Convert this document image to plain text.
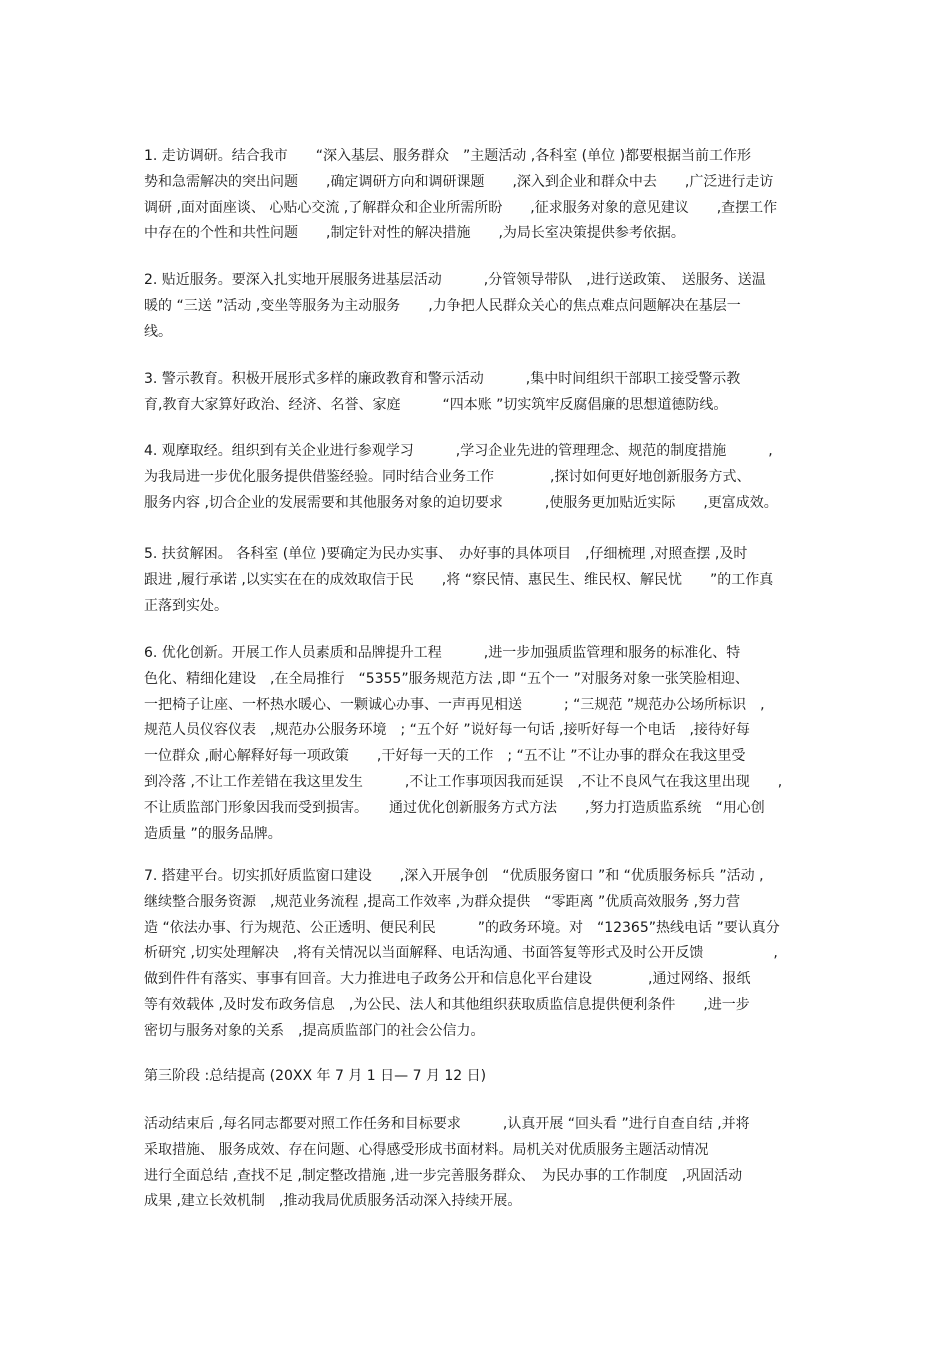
1. 走访调研。结合我市　　“深入基层、服务群众　”主题活动 ,各科室 (单位 )都要根据当前工作形
势和急需解决的突出问题　　,确定调研方向和调研课题　　,深入到企业和群众中去　　,广泛进行走访
调研 ,面对面座谈、 心贴心交流 ,了解群众和企业所需所盼　　,征求服务对象的意见建议　　,查摆工作
中存在的个性和共性问题　　,制定针对性的解决措施　　,为局长室决策提供参考依据。
2. 贴近服务。要深入扎实地开展服务进基层活动　　　,分管领导带队　,进行送政策、　送服务、送温
暖的 “三送 ”活动 ,变坐等服务为主动服务　　,力争把人民群众关心的焦点难点问题解决在基层一
线。
3. 警示教育。积极开展形式多样的廉政教育和警示活动　　　,集中时间组织干部职工接受警示教
育,教育大家算好政治、经济、名誉、家庭　　　“四本账 ”切实筑牢反腐倡廉的思想道德防线。
4. 观摩取经。组织到有关企业进行参观学习　　　,学习企业先进的管理理念、规范的制度措施　　　,
为我局进一步优化服务提供借鉴经验。同时结合业务工作　　　　,探讨如何更好地创新服务方式、
服务内容 ,切合企业的发展需要和其他服务对象的迫切要求　　　,使服务更加贴近实际　　,更富成效。
5. 扶贫解困。 各科室 (单位 )要确定为民办实事、　办好事的具体项目　,仔细梳理 ,对照查摆 ,及时
跟进 ,履行承诺 ,以实实在在的成效取信于民　　,将 “察民情、惠民生、维民权、解民忧　　”的工作真
正落到实处。
6. 优化创新。开展工作人员素质和品牌提升工程　　　,进一步加强质监管理和服务的标准化、特
色化、精细化建设　,在全局推行　“5355”服务规范方法 ,即 “五个一 ”对服务对象一张笑脸相迎、
一把椅子让座、一杯热水暖心、一颗诚心办事、一声再见相送　　　; “三规范 ”规范办公场所标识　,
规范人员仪容仪表　,规范办公服务环境　; “五个好 ”说好每一句话 ,接听好每一个电话　,接待好每
一位群众 ,耐心解释好每一项政策　　,干好每一天的工作　; “五不让 ”不让办事的群众在我这里受
到冷落 ,不让工作差错在我这里发生　　　,不让工作事项因我而延误　,不让不良风气在我这里出现　　,
不让质监部门形象因我而受到损害。　　通过优化创新服务方式方法　　,努力打造质监系统　“用心创
造质量 ”的服务品牌。
7. 搭建平台。切实抓好质监窗口建设　　,深入开展争创　“优质服务窗口 ”和 “优质服务标兵 ”活动 ,
继续整合服务资源　,规范业务流程 ,提高工作效率 ,为群众提供　“零距离 ”优质高效服务 ,努力营
造 “依法办事、行为规范、公正透明、便民利民　　　”的政务环境。对　“12365”热线电话 ”要认真分
析研究 ,切实处理解决　,将有关情况以当面解释、电话沟通、书面答复等形式及时公开反馈　　　　　,
做到件件有落实、事事有回音。大力推进电子政务公开和信息化平台建设　　　　,通过网络、报纸
等有效载体 ,及时发布政务信息　,为公民、法人和其他组织获取质监信息提供便利条件　　,进一步
密切与服务对象的关系　,提高质监部门的社会公信力。
第三阶段 :总结提高 (20XX 年 7 月 1 日— 7 月 12 日)
活动结束后 ,每名同志都要对照工作任务和目标要求　　　,认真开展 “回头看 ”进行自查自结 ,并将
采取措施、 服务成效、存在问题、心得感受形成书面材料。局机关对优质服务主题活动情况
进行全面总结 ,查找不足 ,制定整改措施 ,进一步完善服务群众、　为民办事的工作制度　,巩固活动
成果 ,建立长效机制　,推动我局优质服务活动深入持续开展。
